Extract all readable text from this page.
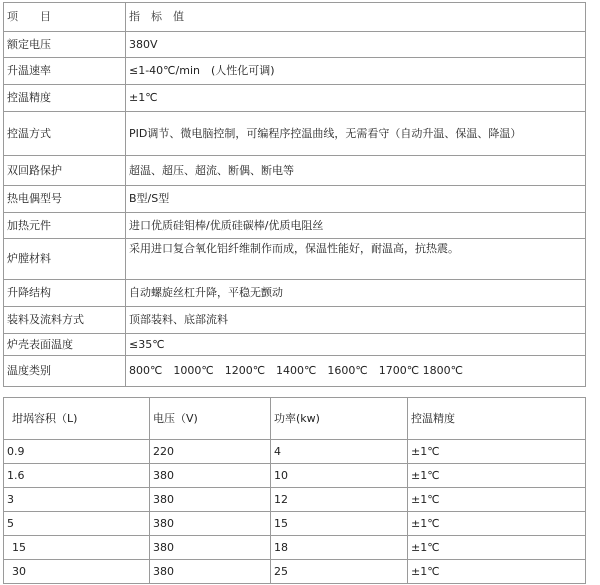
项　　目	指　标　值
额定电压	380V
升温速率	≤1-40℃/min　(人性化可调)
控温精度	±1℃
控温方式	PID调节、微电脑控制，可编程序控温曲线，无需看守（自动升温、保温、降温）
双回路保护	超温、超压、超流、断偶、断电等
热电偶型号	B型/S型
加热元件	进口优质硅钼棒/优质硅碳棒/优质电阻丝
炉膛材料	采用进口复合氧化铝纤维制作而成，保温性能好，耐温高，抗热震。
升降结构	自动螺旋丝杠升降，平稳无颤动
装料及流料方式	顶部装料、底部流料
炉壳表面温度	≤35℃
温度类别	800℃　1000℃　1200℃　1400℃　1600℃　1700℃ 1800℃
坩埚容积（L)	电压（V)	功率(kw)	控温精度
0.9	220	4	±1℃
1.6	380	10	±1℃
3	380	12	±1℃
5	380	15	±1℃
15	380	18	±1℃
30	380	25	±1℃
